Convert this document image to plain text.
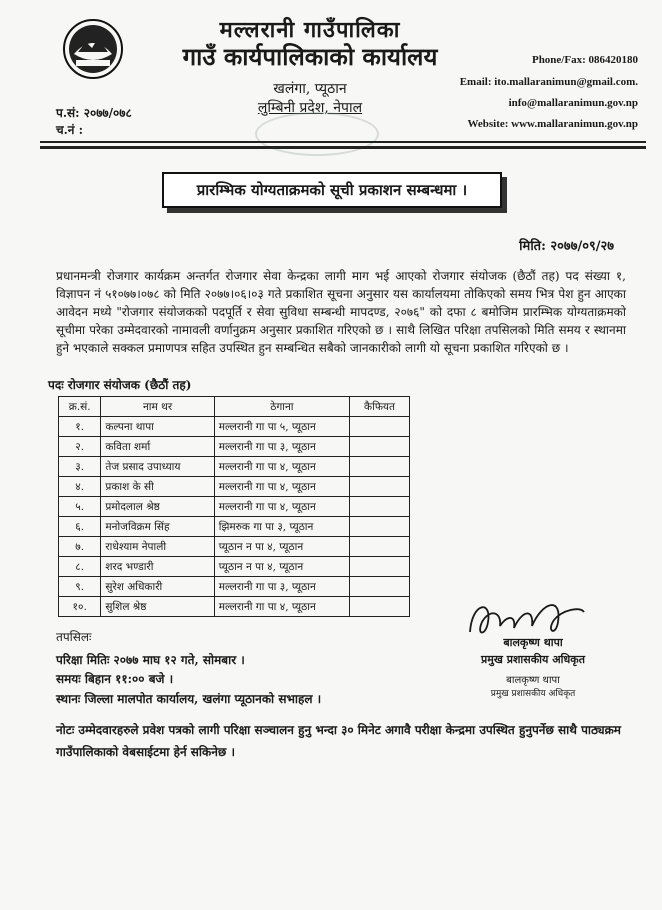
मल्लरानी गाउँपालिका
गाउँ कार्यपालिकाको कार्यालय
खलंगा, प्यूठान
लुम्बिनी प्रदेश, नेपाल
Phone/Fax: 086420180
Email: ito.mallaranimun@gmail.com.
info@mallaranimun.gov.np
Website: www.mallaranimun.gov.np
प.सं: २०७७/०७८
च.नं :
प्रारम्भिक योग्यताक्रमको सूची प्रकाशन सम्बन्धमा ।
मिति: २०७७/०९/२७
प्रधानमन्त्री रोजगार कार्यक्रम अन्तर्गत रोजगार सेवा केन्द्रका लागी माग भई आएको रोजगार संयोजक (छैठौं तह) पद संख्या १, विज्ञापन नं ५१०७७।०७८ को मिति २०७७।०६।०३ गते प्रकाशित सूचना अनुसार यस कार्यालयमा तोकिएको समय भित्र पेश हुन आएका आवेदन मध्ये "रोजगार संयोजकको पदपूर्ति र सेवा सुविधा सम्बन्धी मापदण्ड, २०७६" को दफा ८ बमोजिम प्रारम्भिक योग्यताक्रमको सूचीमा परेका उम्मेदवारको नामावली वर्णानुक्रम अनुसार प्रकाशित गरिएको छ । साथै लिखित परिक्षा तपसिलको मिति समय र स्थानमा हुने भएकाले सक्कल प्रमाणपत्र सहित उपस्थित हुन सम्बन्धित सबैको जानकारीको लागी यो सूचना प्रकाशित गरिएको छ ।
पदः रोजगार संयोजक (छैठौं तह)
क्र.सं.	नाम थर	ठेगाना	कैफियत
१.	कल्पना थापा	मल्लरानी गा पा ५, प्यूठान	
२.	कविता शर्मा	मल्लरानी गा पा ३, प्यूठान	
३.	तेज प्रसाद उपाध्याय	मल्लरानी गा पा ४, प्यूठान	
४.	प्रकाश के सी	मल्लरानी गा पा ४, प्यूठान	
५.	प्रमोदलाल श्रेष्ठ	मल्लरानी गा पा ४, प्यूठान	
६.	मनोजविक्रम सिंह	झिमरुक गा पा ३, प्यूठान	
७.	राधेश्याम नेपाली	प्यूठान न पा ४, प्यूठान	
८.	शरद भण्डारी	प्यूठान न पा ४, प्यूठान	
९.	सुरेश अधिकारी	मल्लरानी गा पा ३, प्यूठान	
१०.	सुशिल श्रेष्ठ	मल्लरानी गा पा ४, प्यूठान	
तपसिलः
परिक्षा मितिः २०७७ माघ १२ गते, सोमबार ।
समयः बिहान ११:०० बजे ।
स्थानः जिल्ला मालपोत कार्यालय, खलंगा प्यूठानको सभाहल ।
बालकृष्ण थापा
प्रमुख प्रशासकीय अधिकृत
बालकृष्ण थापा
प्रमुख प्रशासकीय अधिकृत
नोटः उम्मेदवारहरुले प्रवेश पत्रको लागी परिक्षा सञ्चालन हुनु भन्दा ३० मिनेट अगावै परीक्षा केन्द्रमा उपस्थित हुनुपर्नेछ साथै पाठ्यक्रम गाउँपालिकाको वेबसाईटमा हेर्न सकिनेछ ।
